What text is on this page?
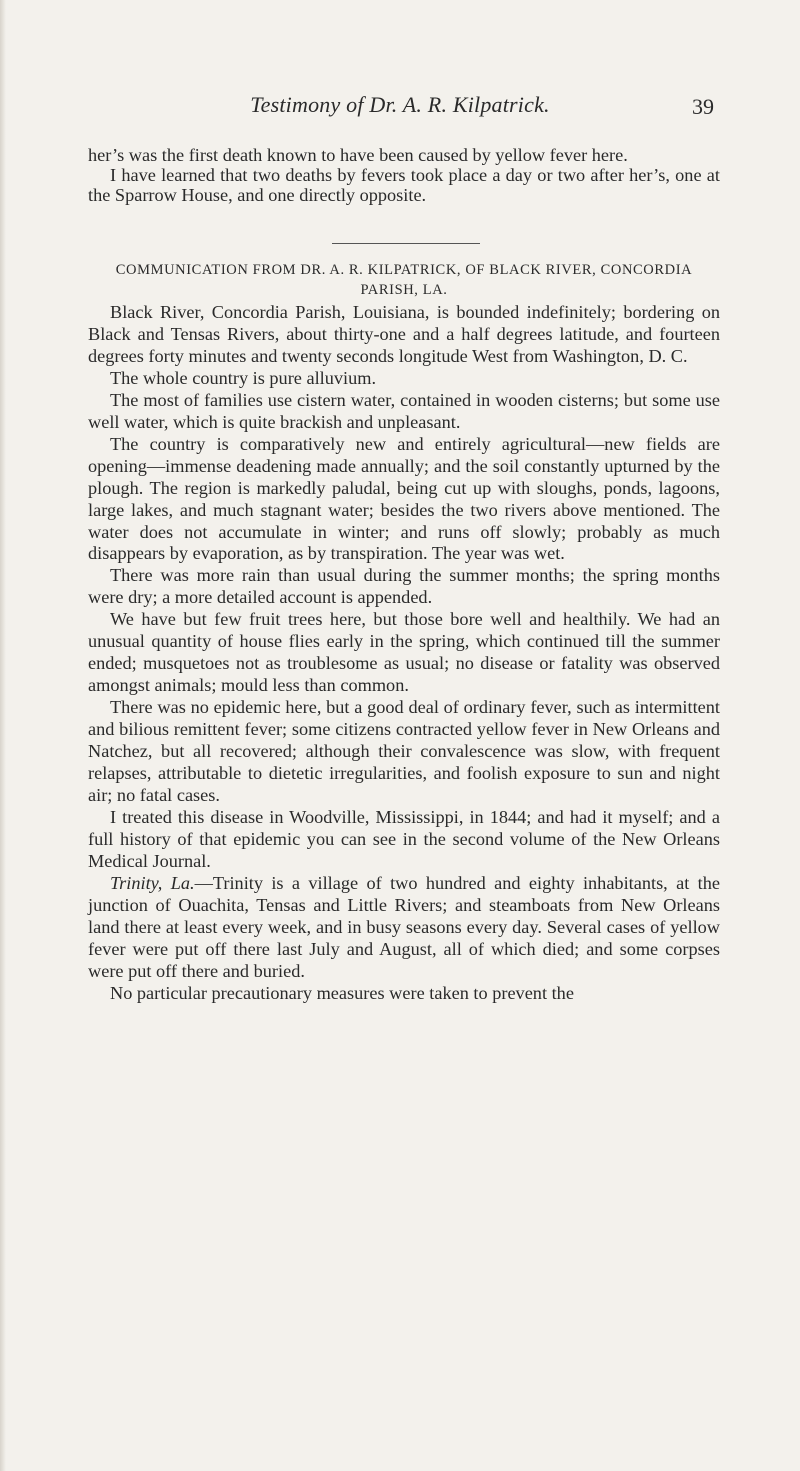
Testimony of Dr. A. R. Kilpatrick.	39

her’s was the first death known to have been caused by yellow fever here.

I have learned that two deaths by fevers took place a day or two after her’s, one at the Sparrow House, and one directly opposite.

COMMUNICATION FROM DR. A. R. KILPATRICK, OF BLACK RIVER, CONCORDIA
PARISH, LA.

Black River, Concordia Parish, Louisiana, is bounded indefinitely; bordering on Black and Tensas Rivers, about thirty-one and a half degrees latitude, and fourteen degrees forty minutes and twenty seconds longitude West from Washington, D. C.

The whole country is pure alluvium.

The most of families use cistern water, contained in wooden cisterns; but some use well water, which is quite brackish and unpleasant.

The country is comparatively new and entirely agricultural—new fields are opening—immense deadening made annually; and the soil constantly upturned by the plough. The region is markedly paludal, being cut up with sloughs, ponds, lagoons, large lakes, and much stagnant water; besides the two rivers above mentioned. The water does not accumulate in winter; and runs off slowly; probably as much disappears by evaporation, as by transpiration. The year was wet.

There was more rain than usual during the summer months; the spring months were dry; a more detailed account is appended.

We have but few fruit trees here, but those bore well and healthily. We had an unusual quantity of house flies early in the spring, which continued till the summer ended; musquetoes not as troublesome as usual; no disease or fatality was observed amongst animals; mould less than common.

There was no epidemic here, but a good deal of ordinary fever, such as intermittent and bilious remittent fever; some citizens contracted yellow fever in New Orleans and Natchez, but all recovered; although their convalescence was slow, with frequent relapses, attributable to dietetic irregularities, and foolish exposure to sun and night air; no fatal cases.

I treated this disease in Woodville, Mississippi, in 1844; and had it myself; and a full history of that epidemic you can see in the second volume of the New Orleans Medical Journal.

Trinity, La.—Trinity is a village of two hundred and eighty inhabitants, at the junction of Ouachita, Tensas and Little Rivers; and steamboats from New Orleans land there at least every week, and in busy seasons every day. Several cases of yellow fever were put off there last July and August, all of which died; and some corpses were put off there and buried.

No particular precautionary measures were taken to prevent the
